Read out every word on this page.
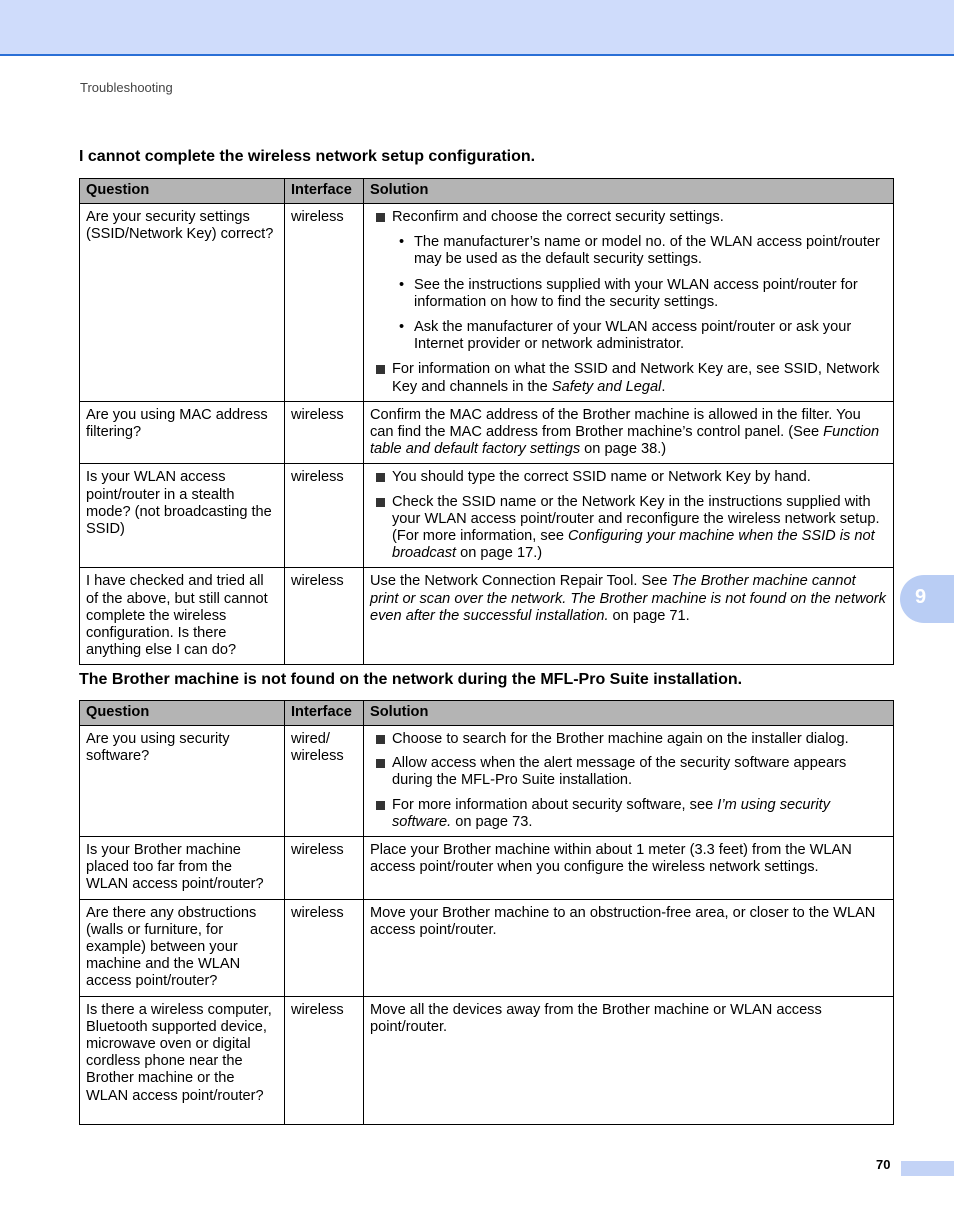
Troubleshooting
I cannot complete the wireless network setup configuration.
Question	Interface	Solution
Are your security settings (SSID/Network Key) correct?	wireless	Reconfirm and choose the correct security settings.
• The manufacturer’s name or model no. of the WLAN access point/router may be used as the default security settings.
• See the instructions supplied with your WLAN access point/router for information on how to find the security settings.
• Ask the manufacturer of your WLAN access point/router or ask your Internet provider or network administrator.
For information on what the SSID and Network Key are, see SSID, Network Key and channels in the Safety and Legal.

Are you using MAC address filtering?	wireless	Confirm the MAC address of the Brother machine is allowed in the filter. You can find the MAC address from Brother machine’s control panel. (See Function table and default factory settings on page 38.)
Is your WLAN access point/router in a stealth mode? (not broadcasting the SSID)	wireless	You should type the correct SSID name or Network Key by hand.
Check the SSID name or the Network Key in the instructions supplied with your WLAN access point/router and reconfigure the wireless network setup. (For more information, see Configuring your machine when the SSID is not broadcast on page 17.)

I have checked and tried all of the above, but still cannot complete the wireless configuration. Is there anything else I can do?	wireless	Use the Network Connection Repair Tool. See The Brother machine cannot print or scan over the network. The Brother machine is not found on the network even after the successful installation. on page 71.
The Brother machine is not found on the network during the MFL-Pro Suite installation.
Question	Interface	Solution
Are you using security software?	wired/ wireless	Choose to search for the Brother machine again on the installer dialog.
Allow access when the alert message of the security software appears during the MFL-Pro Suite installation.
For more information about security software, see I’m using security software. on page 73.

Is your Brother machine placed too far from the WLAN access point/router?	wireless	Place your Brother machine within about 1 meter (3.3 feet) from the WLAN access point/router when you configure the wireless network settings.
Are there any obstructions (walls or furniture, for example) between your machine and the WLAN access point/router?	wireless	Move your Brother machine to an obstruction-free area, or closer to the WLAN access point/router.
Is there a wireless computer, Bluetooth supported device, microwave oven or digital cordless phone near the Brother machine or the WLAN access point/router?	wireless	Move all the devices away from the Brother machine or WLAN access point/router.
9
70
